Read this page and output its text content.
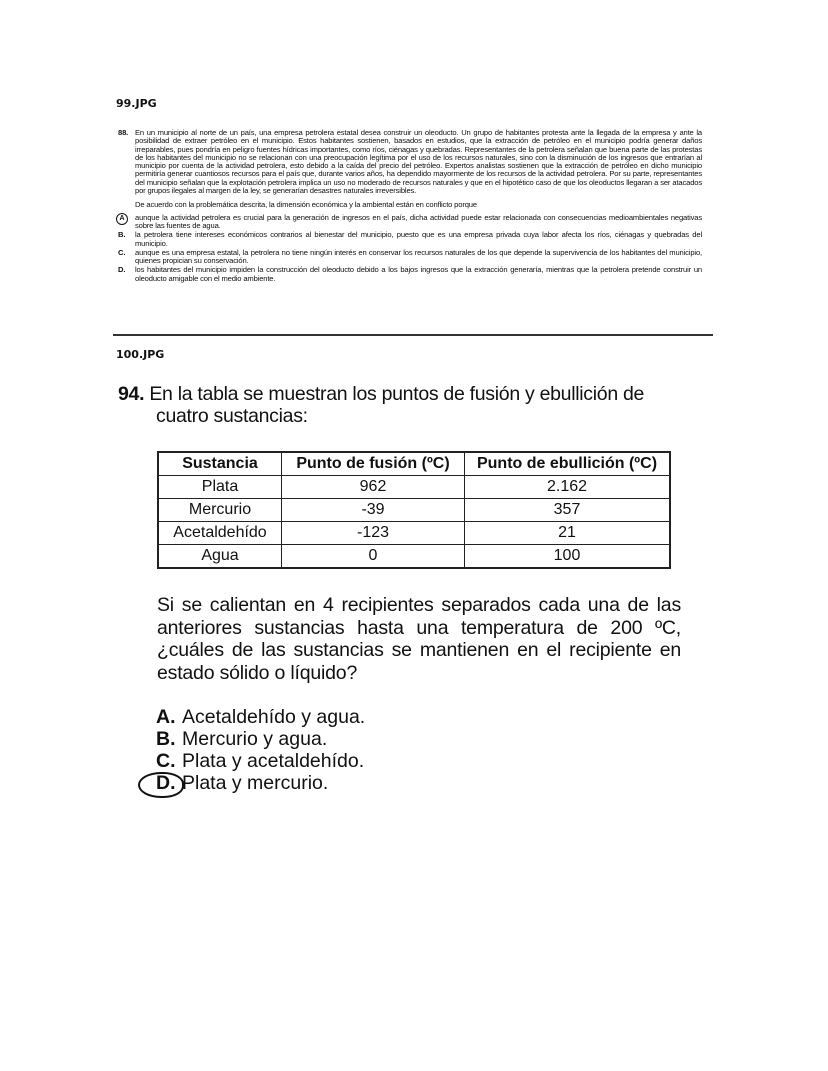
99.JPG
88. En un municipio al norte de un país, una empresa petrolera estatal desea construir un oleoducto. Un grupo de habitantes protesta ante la llegada de la empresa y ante la posibilidad de extraer petróleo en el municipio. Estos habitantes sostienen, basados en estudios, que la extracción de petróleo en el municipio podría generar daños irreparables, pues pondría en peligro fuentes hídricas importantes, como ríos, ciénagas y quebradas. Representantes de la petrolera señalan que buena parte de las protestas de los habitantes del municipio no se relacionan con una preocupación legítima por el uso de los recursos naturales, sino con la disminución de los ingresos que entrarían al municipio por cuenta de la actividad petrolera, esto debido a la caída del precio del petróleo. Expertos analistas sostienen que la extracción de petróleo en dicho municipio permitiría generar cuantiosos recursos para el país que, durante varios años, ha dependido mayormente de los recursos de la actividad petrolera. Por su parte, representantes del municipio señalan que la explotación petrolera implica un uso no moderado de recursos naturales y que en el hipotético caso de que los oleoductos llegaran a ser atacados por grupos ilegales al margen de la ley, se generarían desastres naturales irreversibles.
De acuerdo con la problemática descrita, la dimensión económica y la ambiental están en conflicto porque
A	aunque la actividad petrolera es crucial para la generación de ingresos en el país, dicha actividad puede estar relacionada con consecuencias medioambientales negativas sobre las fuentes de agua.
B.	la petrolera tiene intereses económicos contrarios al bienestar del municipio, puesto que es una empresa privada cuya labor afecta los ríos, ciénagas y quebradas del municipio.
C.	aunque es una empresa estatal, la petrolera no tiene ningún interés en conservar los recursos naturales de los que depende la supervivencia de los habitantes del municipio, quienes propician su conservación.
D.	los habitantes del municipio impiden la construcción del oleoducto debido a los bajos ingresos que la extracción generaría, mientras que la petrolera pretende construir un oleoducto amigable con el medio ambiente.
100.JPG
94. En la tabla se muestran los puntos de fusión y ebullición de
cuatro sustancias:
Sustancia	Punto de fusión (ºC)	Punto de ebullición (ºC)
Plata	962	2.162
Mercurio	-39	357
Acetaldehído	-123	21
Agua	0	100
Si se calientan en 4 recipientes separados cada una de las anteriores sustancias hasta una temperatura de 200 ºC, ¿cuáles de las sustancias se mantienen en el recipiente en estado sólido o líquido?
A. Acetaldehído y agua.
B. Mercurio y agua.
C. Plata y acetaldehído.
D. Plata y mercurio.
